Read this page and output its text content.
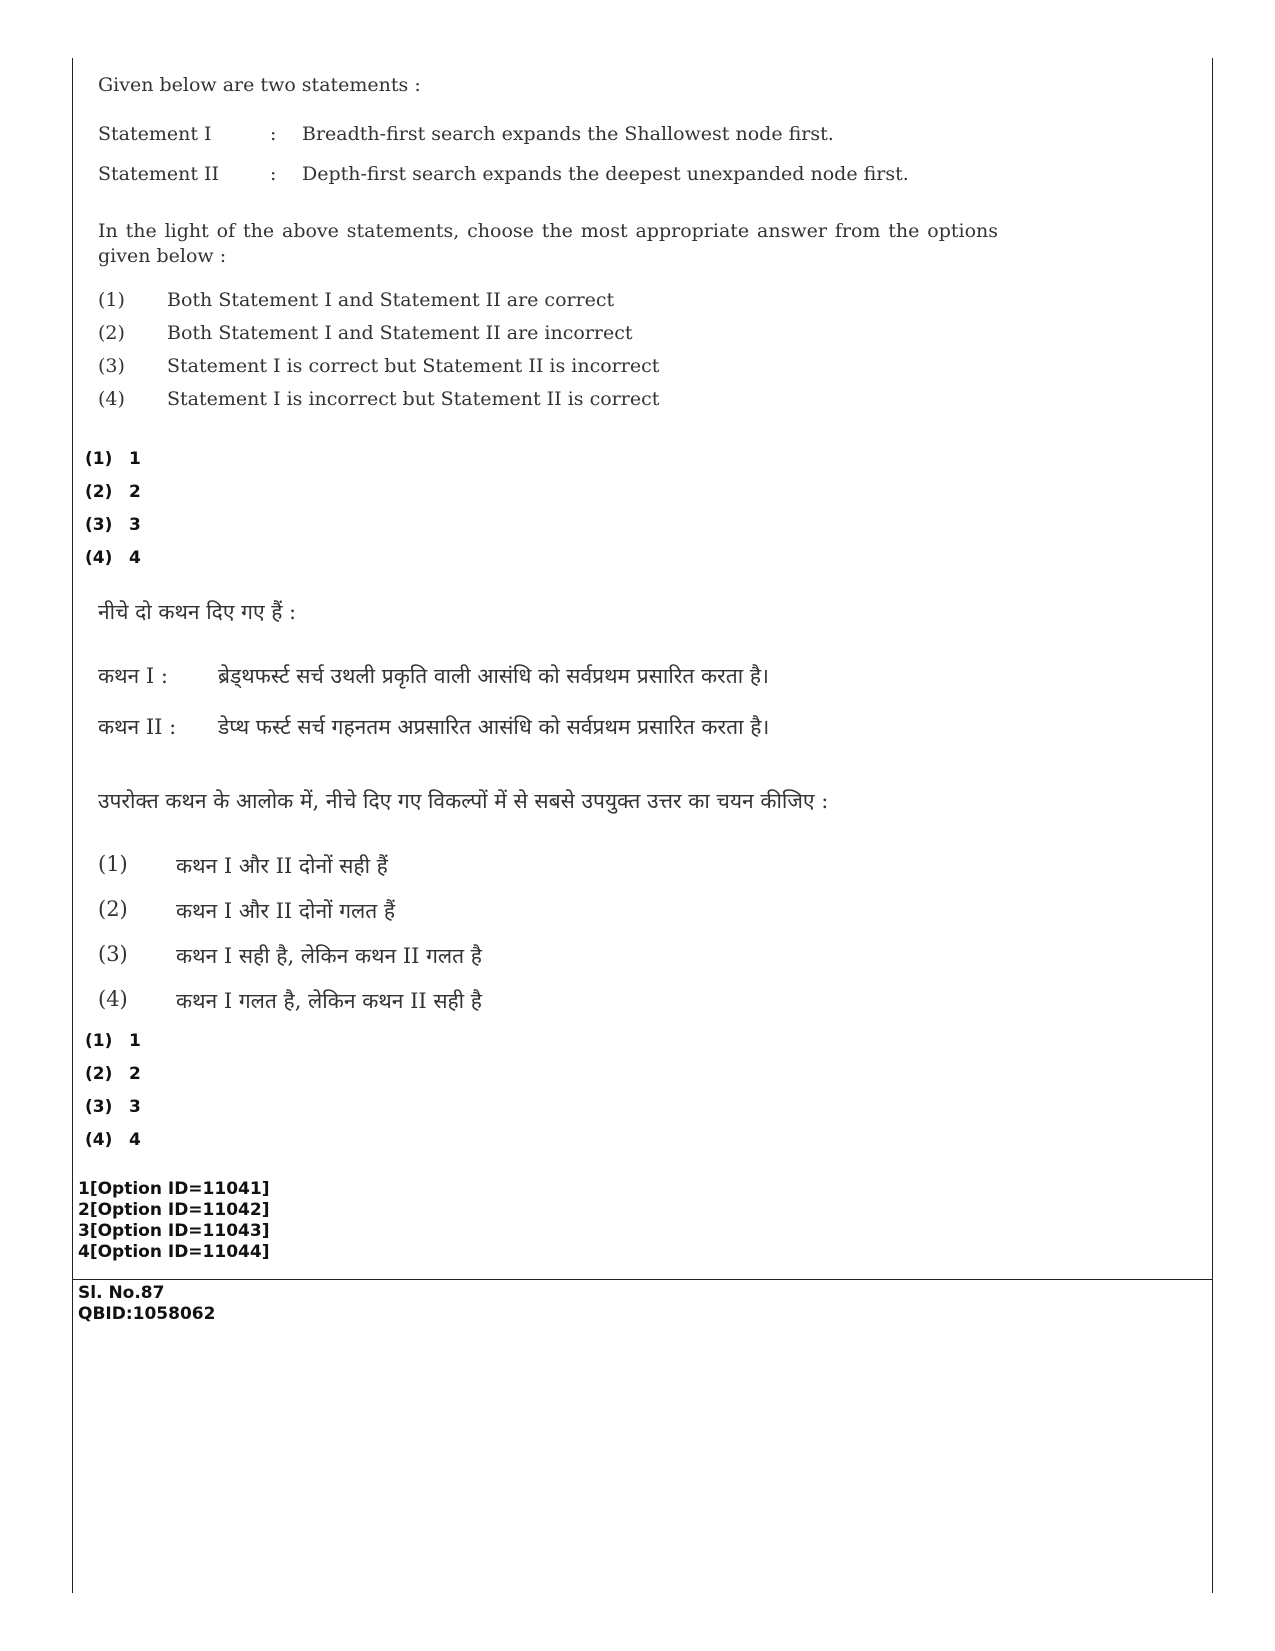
Given below are two statements :
Statement I	: Breadth-first search expands the Shallowest node first.
Statement II	: Depth-first search expands the deepest unexpanded node first.
In the light of the above statements, choose the most appropriate answer from the options given below :
(1) Both Statement I and Statement II are correct
(2) Both Statement I and Statement II are incorrect
(3) Statement I is correct but Statement II is incorrect
(4) Statement I is incorrect but Statement II is correct
(1) 1
(2) 2
(3) 3
(4) 4
नीचे दो कथन दिए गए हैं :
कथन I : ब्रेड्थफर्स्ट सर्च उथली प्रकृति वाली आसंधि को सर्वप्रथम प्रसारित करता है।
कथन II : डेप्थ फर्स्ट सर्च गहनतम अप्रसारित आसंधि को सर्वप्रथम प्रसारित करता है।
उपरोक्त कथन के आलोक में, नीचे दिए गए विकल्पों में से सबसे उपयुक्त उत्तर का चयन कीजिए :
(1) कथन I और II दोनों सही हैं
(2) कथन I और II दोनों गलत हैं
(3) कथन I सही है, लेकिन कथन II गलत है
(4) कथन I गलत है, लेकिन कथन II सही है
(1) 1
(2) 2
(3) 3
(4) 4
1[Option ID=11041]
2[Option ID=11042]
3[Option ID=11043]
4[Option ID=11044]
Sl. No.87
QBID:1058062
